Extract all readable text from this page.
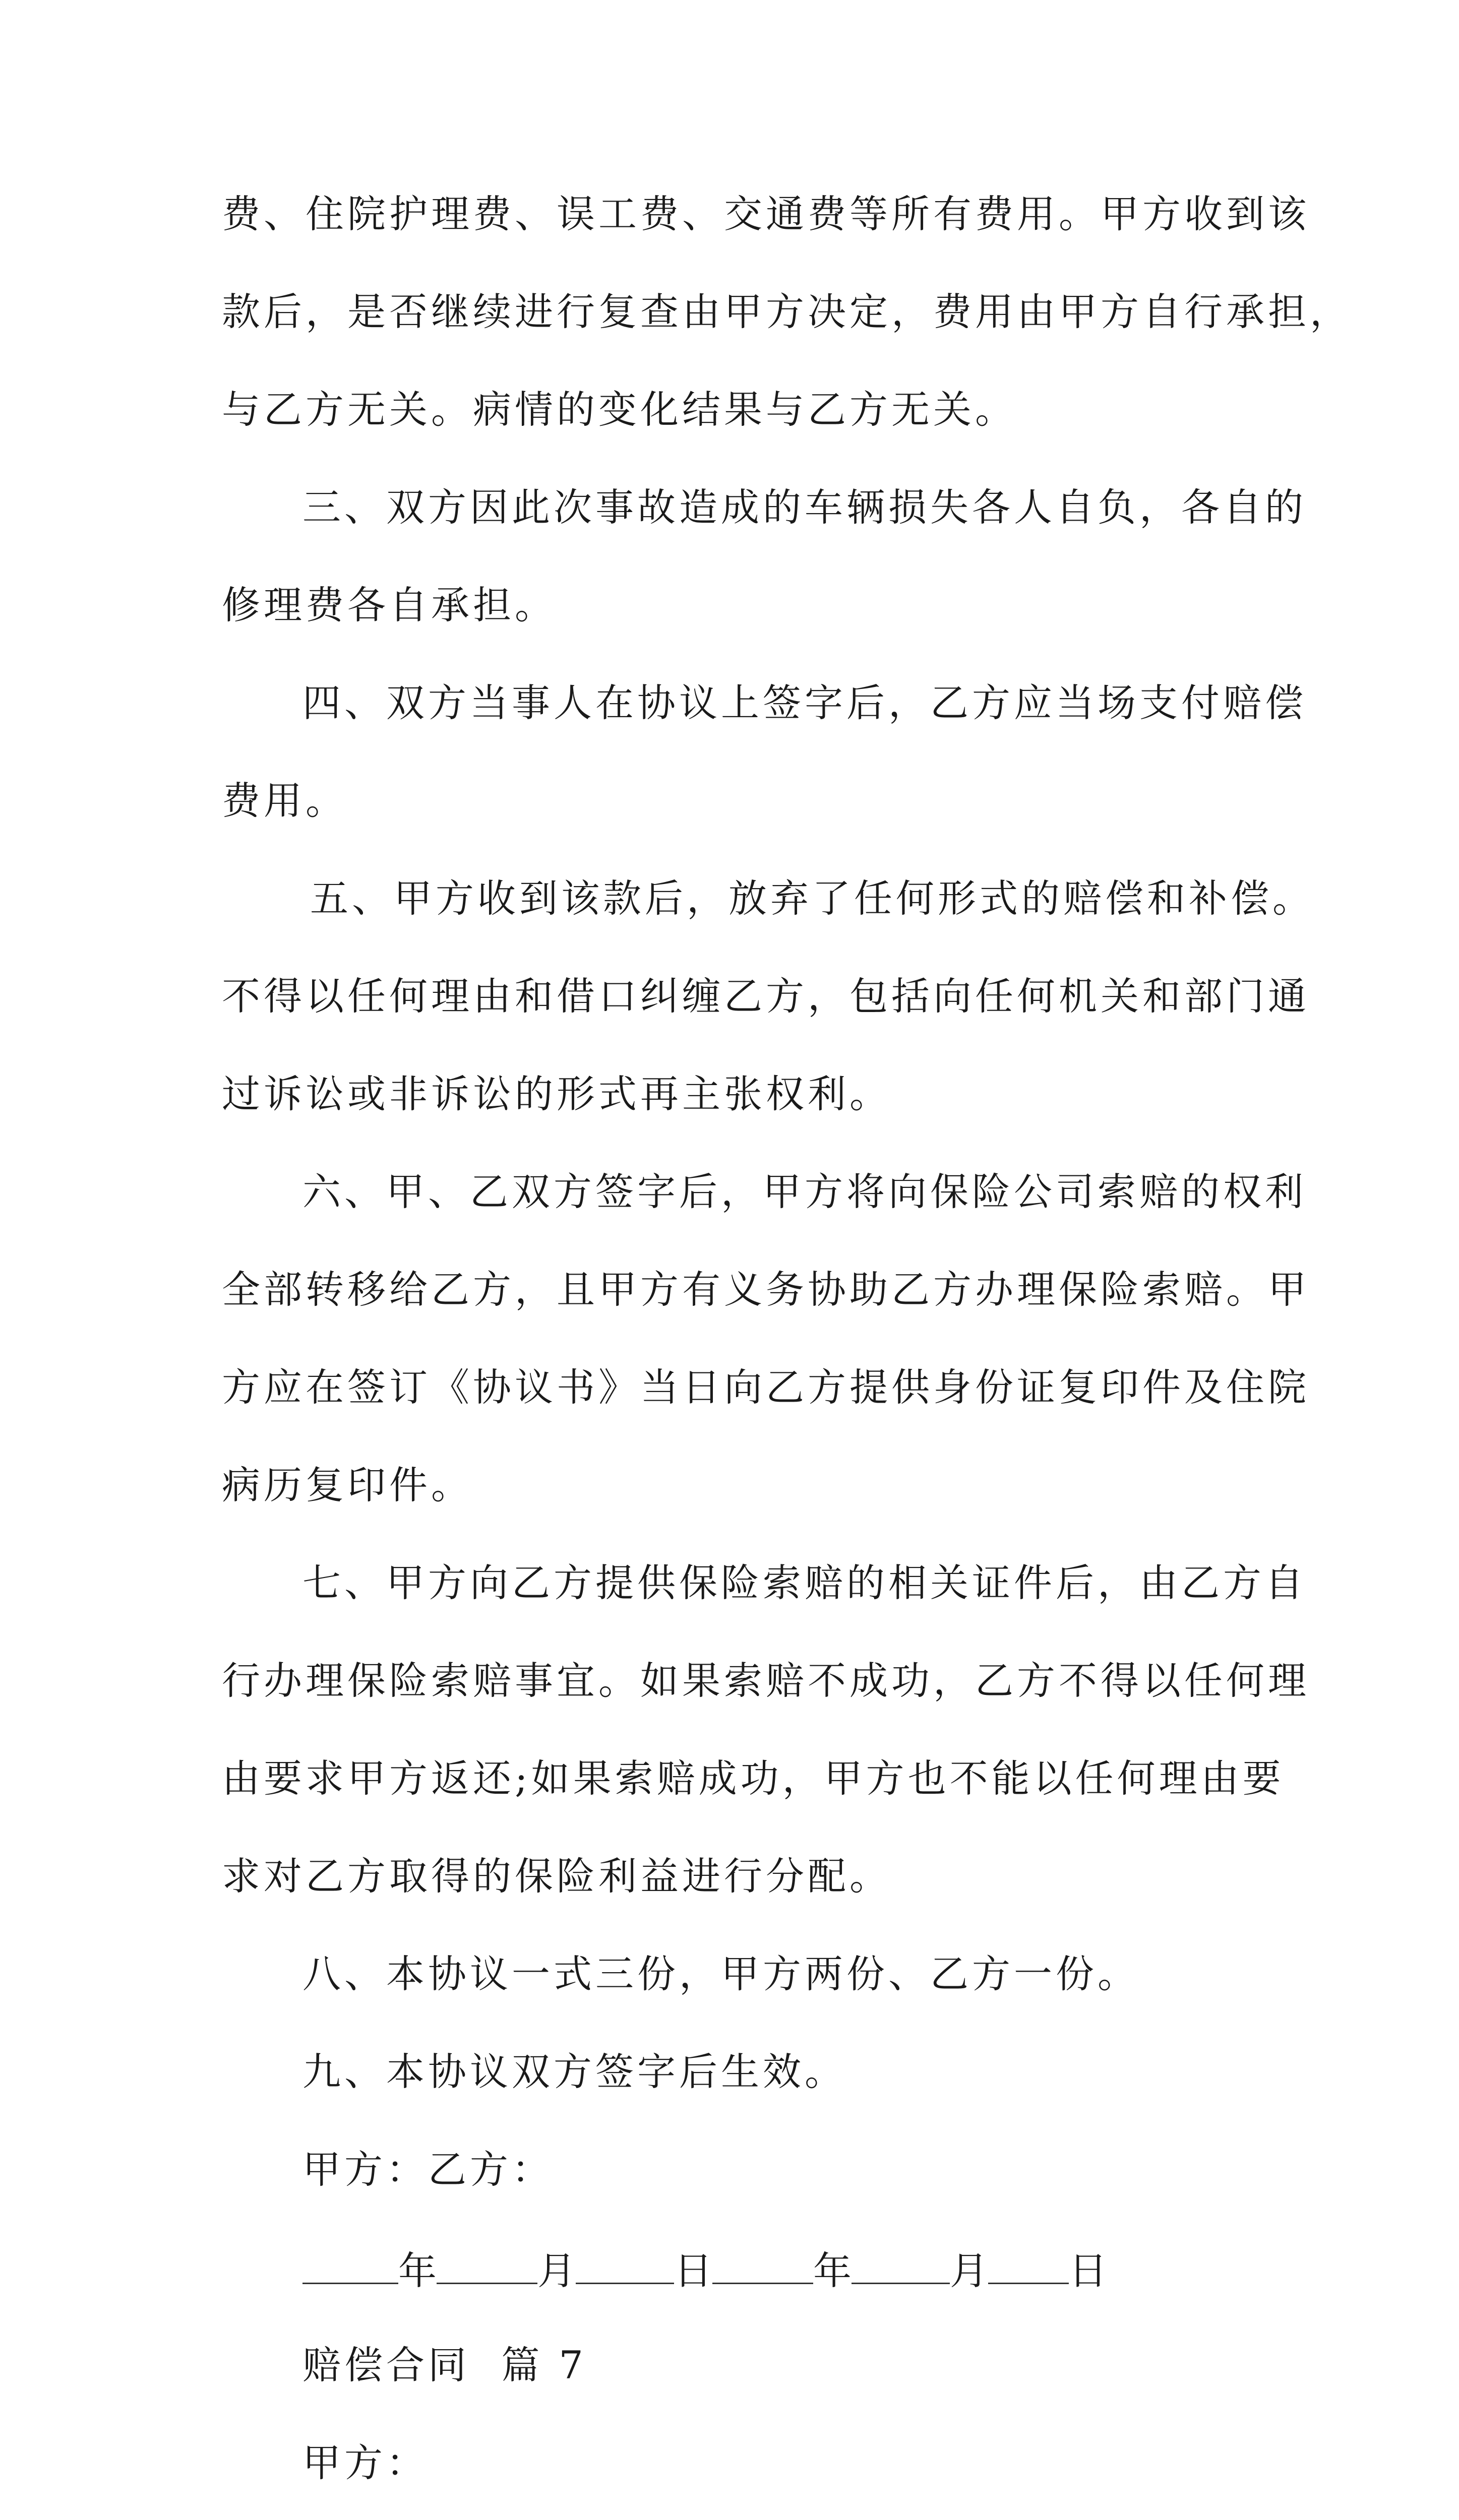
费、住院护理费、误工费、交通费等所有费用。甲方收到该
款后，是否继续进行复查由甲方决定，费用由甲方自行承担，
与乙方无关。病情的变化结果与乙方无关。
三、双方因此次事故造成的车辆损失各人自负，各自的
修理费各自承担。
四、双方当事人在协议上签字后，乙方应当场支付赔偿
费用。
五、甲方收到该款后，放弃了任何形式的赔偿和补偿。
不得以任何理由和借口纠缠乙方，包括向任何机关和部门通
过诉讼或非诉讼的形式再主张权利。
六、甲、乙双方签字后，甲方将向保险公司索赔的权利
全部转移给乙方，且甲方有义务协助乙方办理保险索赔。甲
方应在签订《协议书》当日向乙方提供身份证复印件及住院
病历复印件。
七、甲方向乙方提供保险索赔的相关证件后，由乙方自
行办理保险索赔事宜。如果索赔不成功，乙方不得以任何理
由要求甲方返还;如果索赔成功，甲方也不能以任何理由要
求对乙方取得的保险利益进行分配。
八、本协议一式三份，甲方两份、乙方一份。
九、本协议双方签字后生效。
甲方：乙方：
年	月	日	年	月 日
赔偿合同  篇 7
甲方：
